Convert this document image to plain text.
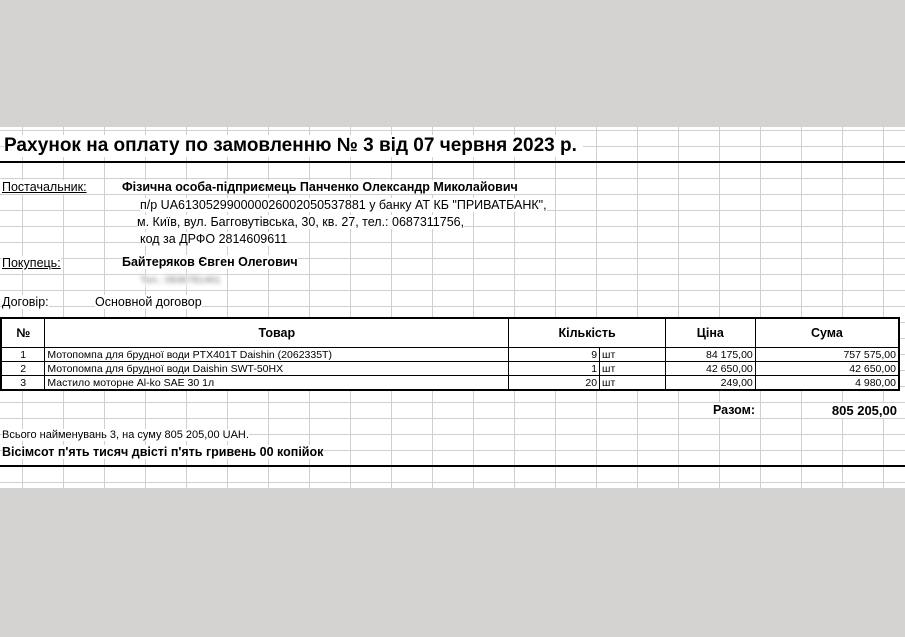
Рахунок на оплату по замовленню № 3 від 07 червня 2023 р.
Постачальник:	Фізична особа-підприємець Панченко Олександр Миколайович
п/р UA613052990000026002050537881 у банку АТ КБ "ПРИВАТБАНК",
м. Київ, вул. Багговутівська, 30, кв. 27, тел.: 0687311756,
код за ДРФО 2814609611
Покупець:	Байтеряков Євген Олегович
Тел.: 0936781461
Договір:	Основной договор
№	Товар	Кількість		Ціна	Сума
1	Мотопомпа для брудної води PTX401T Daishin (2062335T)	9	шт	84 175,00	757 575,00
2	Мотопомпа для брудної води Daishin SWT-50HX	1	шт	42 650,00	42 650,00
3	Мастило моторне Al-ko SAE 30 1л	20	шт	249,00	4 980,00
Разом:	805 205,00
Всього найменувань 3, на суму 805 205,00 UAH.
Вісімсот п'ять тисяч двісті п'ять гривень 00 копійок
